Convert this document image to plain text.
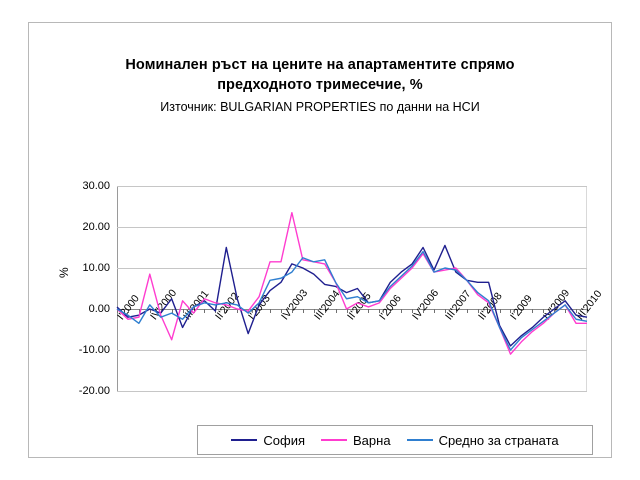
Номинален ръст на цените на апартаментите спрямо
предходното тримесечие, %
Източник: BULGARIAN PROPERTIES по данни на НСИ
%
30.00
20.00
10.00
0.00
-10.00
-20.00
I'2000 IV'2000 III'2001 II'2002 I'2003 IV'2003 III'2004 II'2005 I'2006 IV'2006 III'2007 II'2008 I'2009 IV'2009 III'2010
София	Варна	Средно за страната
